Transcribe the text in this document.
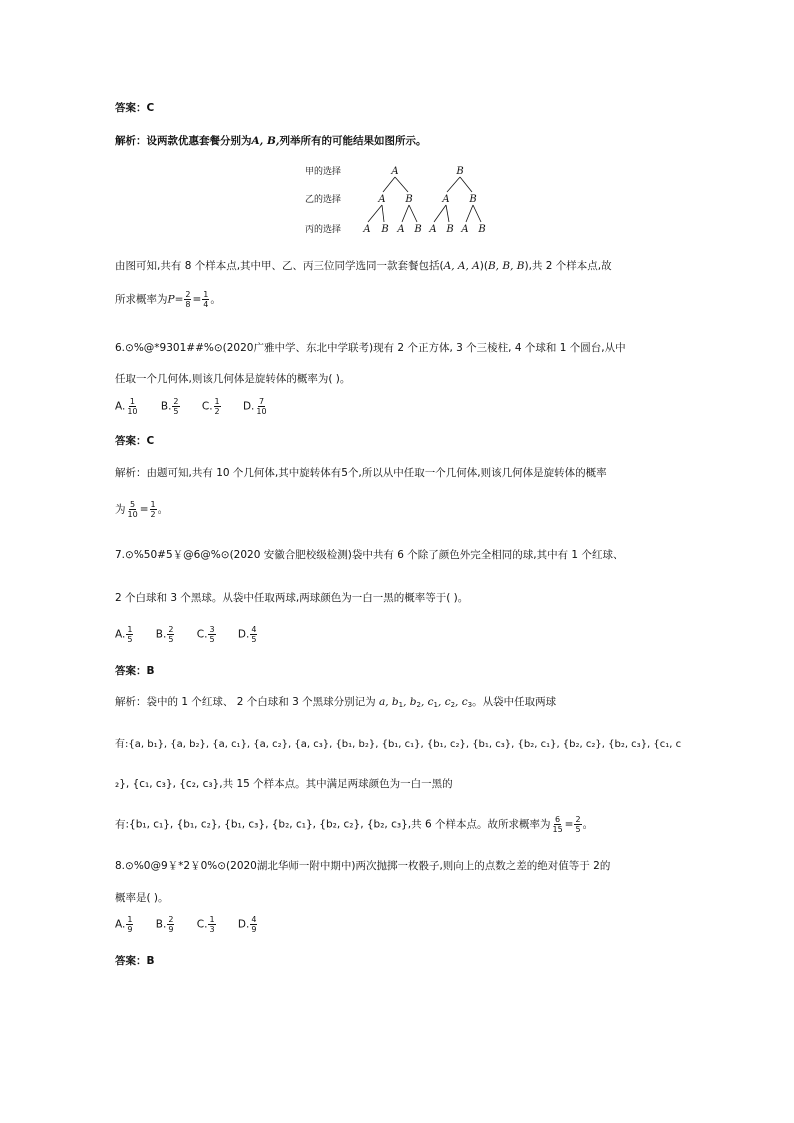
答案：C
解析：设两款优惠套餐分别为A, B,列举所有的可能结果如图所示。
甲的选择
乙的选择
丙的选择
A	B
A B	A B
A B A B A B A B
由图可知,共有 8 个样本点,其中甲、乙、丙三位同学选同一款套餐包括(A, A, A)(B, B, B),共 2 个样本点,故
所求概率为$P= \frac{2}{8} = \frac{1}{4}$ 。
6.⊙%@*9301##%⊙(2020广雅中学、东北中学联考)现有 2 个正方体, 3 个三棱柱, 4 个球和 1 个圆台,从中
任取一个几何体,则该几何体是旋转体的概率为( )。
A. $\frac{1}{10} B$. $\frac{2}{5} C$. $\frac{1}{2} D$. $\frac{7}{10}$
答案：C
解析：由题可知,共有 10 个几何体,其中旋转体有5个,所以从中任取一个几何体,则该几何体是旋转体的概率
为 $\frac{5}{10} = \frac{1}{2}$ 。
7.⊙%50#5￥@6@%⊙(2020 安徽合肥校级检测)袋中共有 6 个除了颜色外完全相同的球,其中有 1 个红球、
2 个白球和 3 个黑球。从袋中任取两球,两球颜色为一白一黑的概率等于( )。
A. $\frac{1}{5} B$. $\frac{2}{5} C$. $\frac{3}{5} D$. $\frac{4}{5}$
答案：B
解析：袋中的 1 个红球、 2 个白球和 3 个黑球分别记为 a, $b_1$, $b_2$, $c_1$, $c_2$, $c_3$。从袋中任取两球
有:{a, b₁}, {a, b₂}, {a, c₁}, {a, c₂}, {a, c₃}, {b₁, b₂}, {b₁, c₁}, {b₁, c₂}, {b₁, c₃}, {b₂, c₁}, {b₂, c₂}, {b₂, c₃}, {c₁, c
₂}, {c₁, c₃}, {c₂, c₃},共 15 个样本点。其中满足两球颜色为一白一黑的
有:{b₁, c₁}, {b₁, c₂}, {b₁, c₃}, {b₂, c₁}, {b₂, c₂}, {b₂, c₃},共 6 个样本点。故所求概率为 $\frac{6}{15} = \frac{2}{5}$ 。
8.⊙%0@9￥*2￥0%⊙(2020湖北华师一附中期中)两次抛掷一枚骰子,则向上的点数之差的绝对值等于 2的
概率是( )。
A. $\frac{1}{9} B$. $\frac{2}{9} C$. $\frac{1}{3} D$. $\frac{4}{9}$
答案：B
